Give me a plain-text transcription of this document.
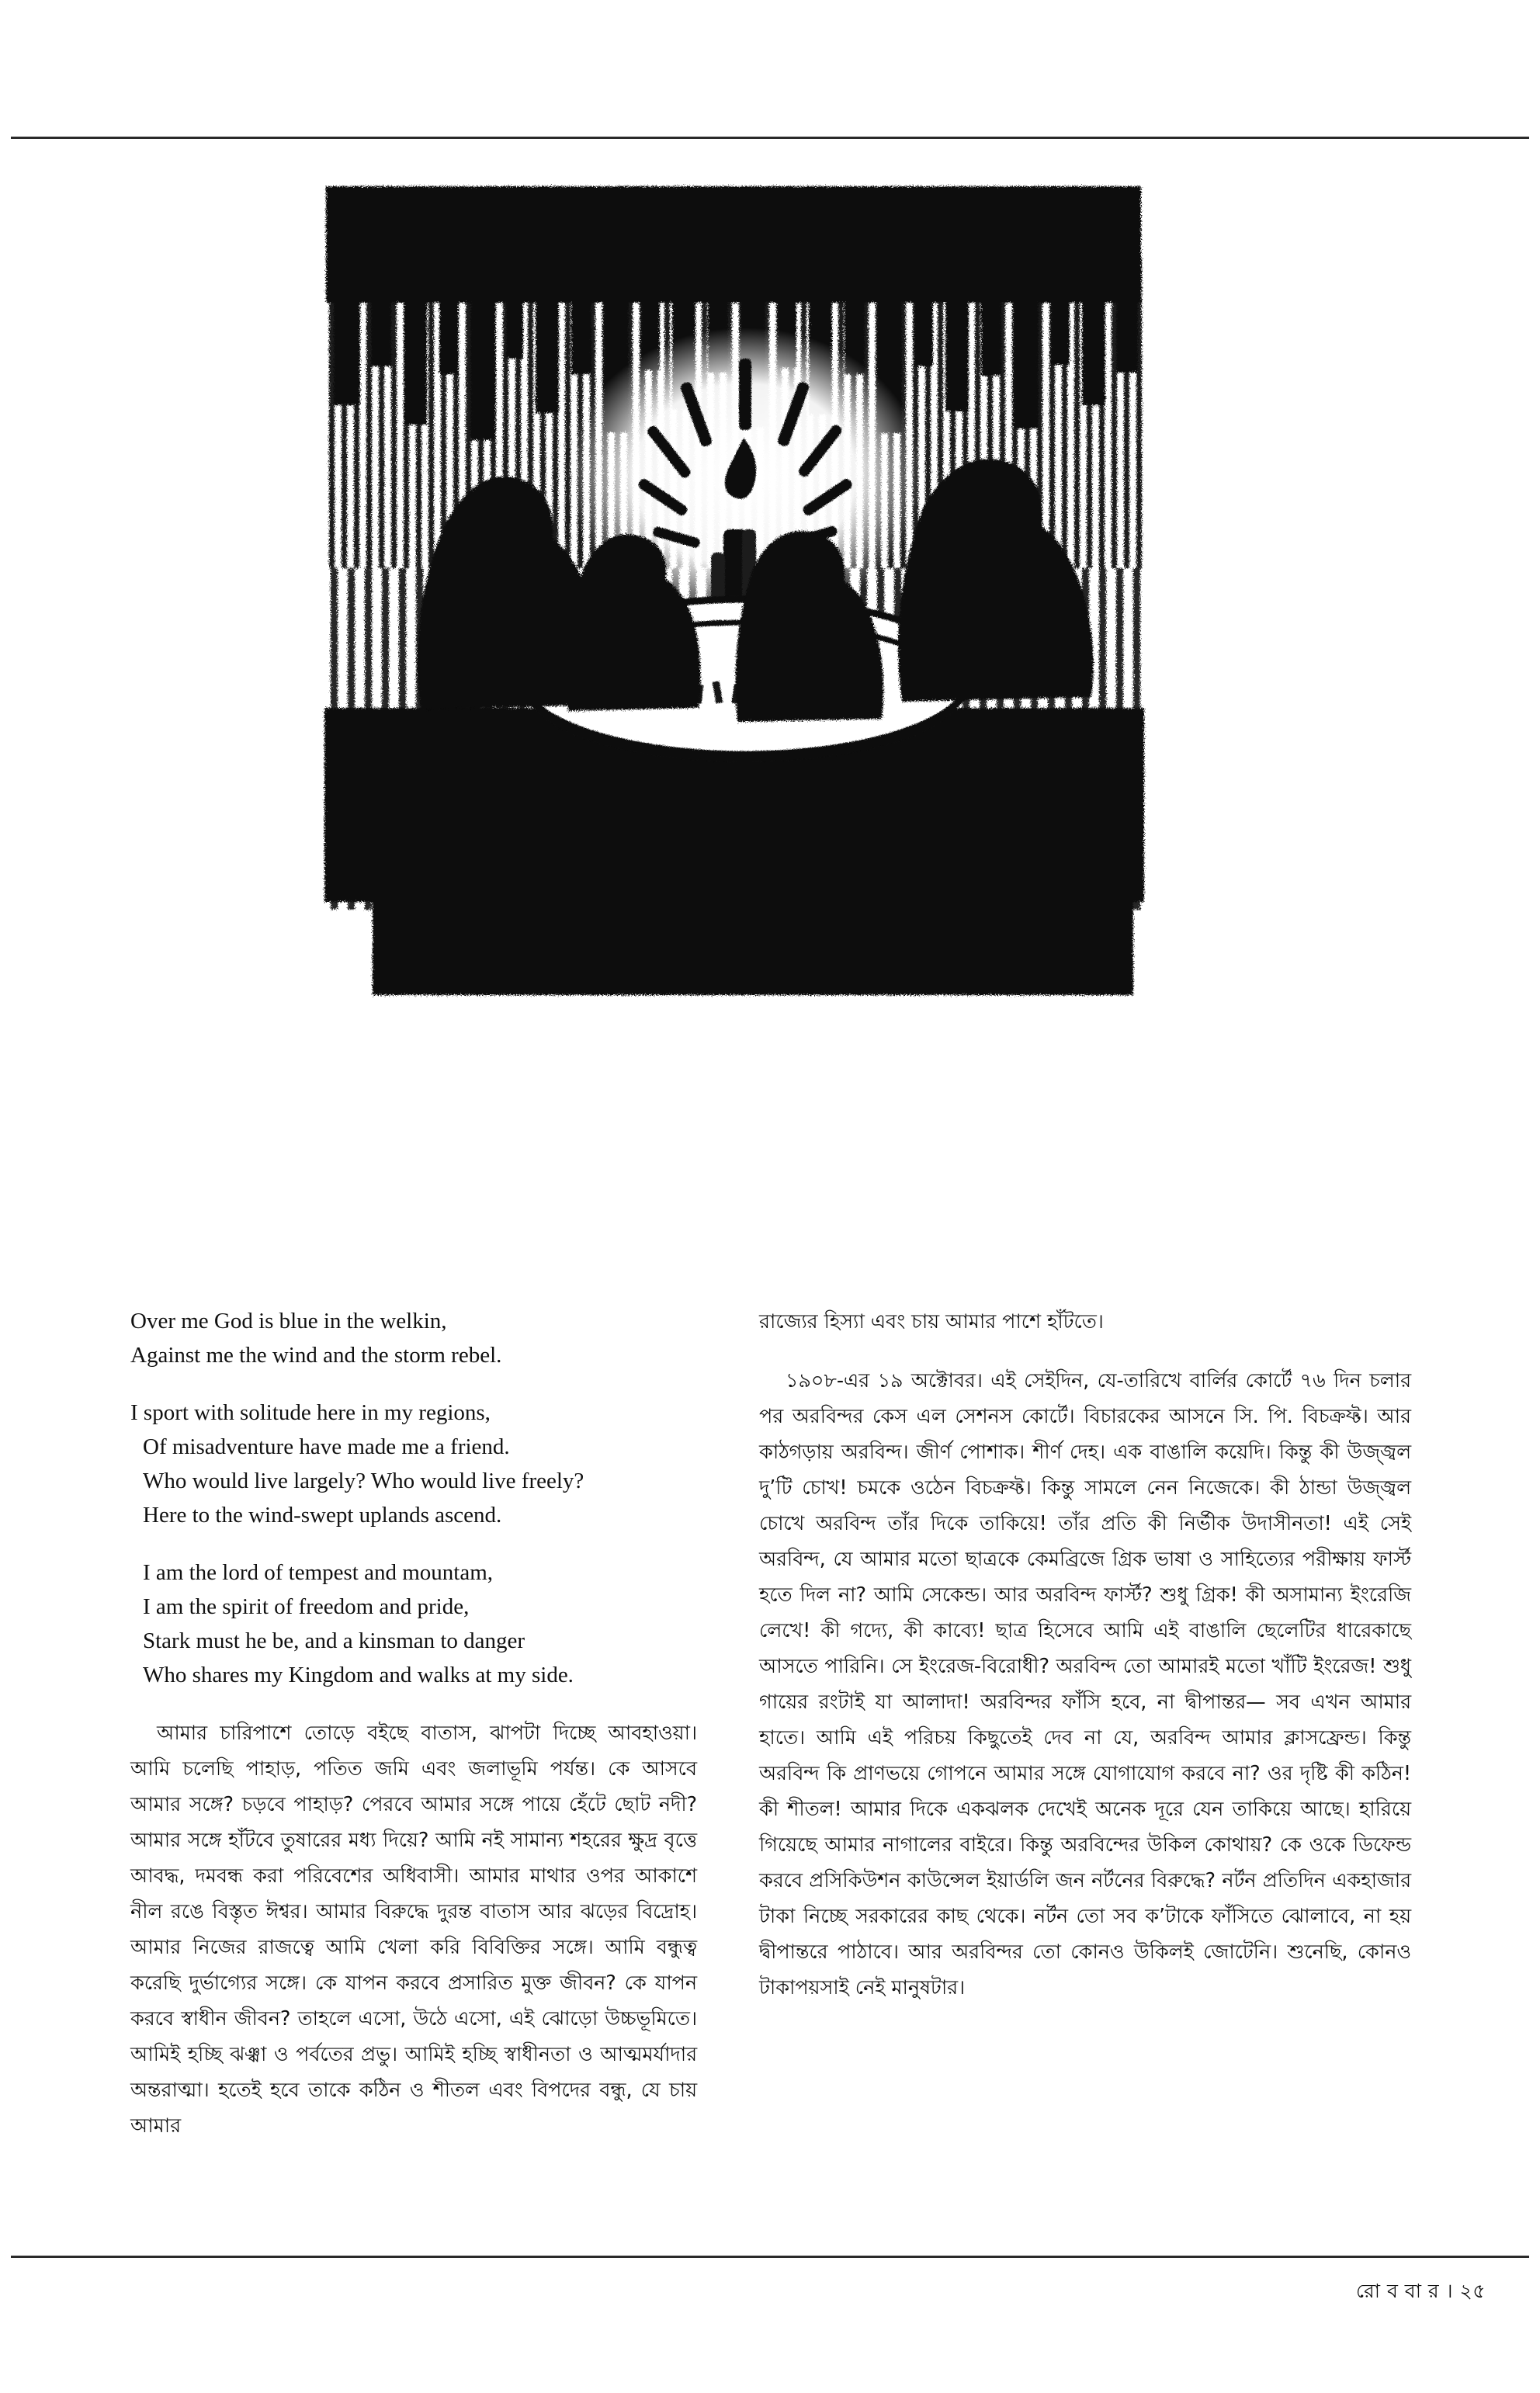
Over me God is blue in the welkin,
Against me the wind and the storm rebel.
I sport with solitude here in my regions,
Of misadventure have made me a friend.
Who would live largely? Who would live freely?
Here to the wind-swept uplands ascend.
I am the lord of tempest and mountam,
I am the spirit of freedom and pride,
Stark must he be, and a kinsman to danger
Who shares my Kingdom and walks at my side.

আমার চারিপাশে তোড়ে বইছে বাতাস, ঝাপটা দিচ্ছে আবহাওয়া। আমি চলেছি পাহাড়, পতিত জমি এবং জলাভূমি পর্যন্ত। কে আসবে আমার সঙ্গে? চড়বে পাহাড়? পেরবে আমার সঙ্গে পায়ে হেঁটে ছোট নদী? আমার সঙ্গে হাঁটবে তুষারের মধ্য দিয়ে? আমি নই সামান্য শহরের ক্ষুদ্র বৃত্তে আবদ্ধ, দমবন্ধ করা পরিবেশের অধিবাসী। আমার মাথার ওপর আকাশে নীল রঙে বিস্তৃত ঈশ্বর। আমার বিরুদ্ধে দুরন্ত বাতাস আর ঝড়ের বিদ্রোহ। আমার নিজের রাজত্বে আমি খেলা করি বিবিক্তির সঙ্গে। আমি বন্ধুত্ব করেছি দুর্ভাগ্যের সঙ্গে। কে যাপন করবে প্রসারিত মুক্ত জীবন? কে যাপন করবে স্বাধীন জীবন? তাহলে এসো, উঠে এসো, এই ঝোড়ো উচ্চভূমিতে। আমিই হচ্ছি ঝঞ্ঝা ও পর্বতের প্রভু। আমিই হচ্ছি স্বাধীনতা ও আত্মমর্যাদার অন্তরাত্মা। হতেই হবে তাকে কঠিন ও শীতল এবং বিপদের বন্ধু, যে চায় আমার

রাজ্যের হিস্যা এবং চায় আমার পাশে হাঁটতে।

১৯০৮-এর ১৯ অক্টোবর। এই সেইদিন, যে-তারিখে বার্লির কোর্টে ৭৬ দিন চলার পর অরবিন্দর কেস এল সেশনস কোর্টে। বিচারকের আসনে সি. পি. বিচক্রফ্ট। আর কাঠগড়ায় অরবিন্দ। জীর্ণ পোশাক। শীর্ণ দেহ। এক বাঙালি কয়েদি। কিন্তু কী উজ্জ্বল দু’টি চোখ! চমকে ওঠেন বিচক্রফ্ট। কিন্তু সামলে নেন নিজেকে। কী ঠান্ডা উজ্জ্বল চোখে অরবিন্দ তাঁর দিকে তাকিয়ে! তাঁর প্রতি কী নির্ভীক উদাসীনতা! এই সেই অরবিন্দ, যে আমার মতো ছাত্রকে কেমব্রিজে গ্রিক ভাষা ও সাহিত্যের পরীক্ষায় ফার্স্ট হতে দিল না? আমি সেকেন্ড। আর অরবিন্দ ফার্স্ট? শুধু গ্রিক! কী অসামান্য ইংরেজি লেখে! কী গদ্যে, কী কাব্যে! ছাত্র হিসেবে আমি এই বাঙালি ছেলেটির ধারেকাছে আসতে পারিনি। সে ইংরেজ-বিরোধী? অরবিন্দ তো আমারই মতো খাঁটি ইংরেজ! শুধু গায়ের রংটাই যা আলাদা! অরবিন্দর ফাঁসি হবে, না দ্বীপান্তর— সব এখন আমার হাতে। আমি এই পরিচয় কিছুতেই দেব না যে, অরবিন্দ আমার ক্লাসফ্রেন্ড। কিন্তু অরবিন্দ কি প্রাণভয়ে গোপনে আমার সঙ্গে যোগাযোগ করবে না? ওর দৃষ্টি কী কঠিন! কী শীতল! আমার দিকে একঝলক দেখেই অনেক দূরে যেন তাকিয়ে আছে। হারিয়ে গিয়েছে আমার নাগালের বাইরে। কিন্তু অরবিন্দের উকিল কোথায়? কে ওকে ডিফেন্ড করবে প্রসিকিউশন কাউন্সেল ইয়ার্ডলি জন নর্টনের বিরুদ্ধে? নর্টন প্রতিদিন একহাজার টাকা নিচ্ছে সরকারের কাছ থেকে। নর্টন তো সব ক’টাকে ফাঁসিতে ঝোলাবে, না হয় দ্বীপান্তরে পাঠাবে। আর অরবিন্দর তো কোনও উকিলই জোটেনি। শুনেছি, কোনও টাকাপয়সাই নেই মানুষটার।

রো ব বা র । ২৫
